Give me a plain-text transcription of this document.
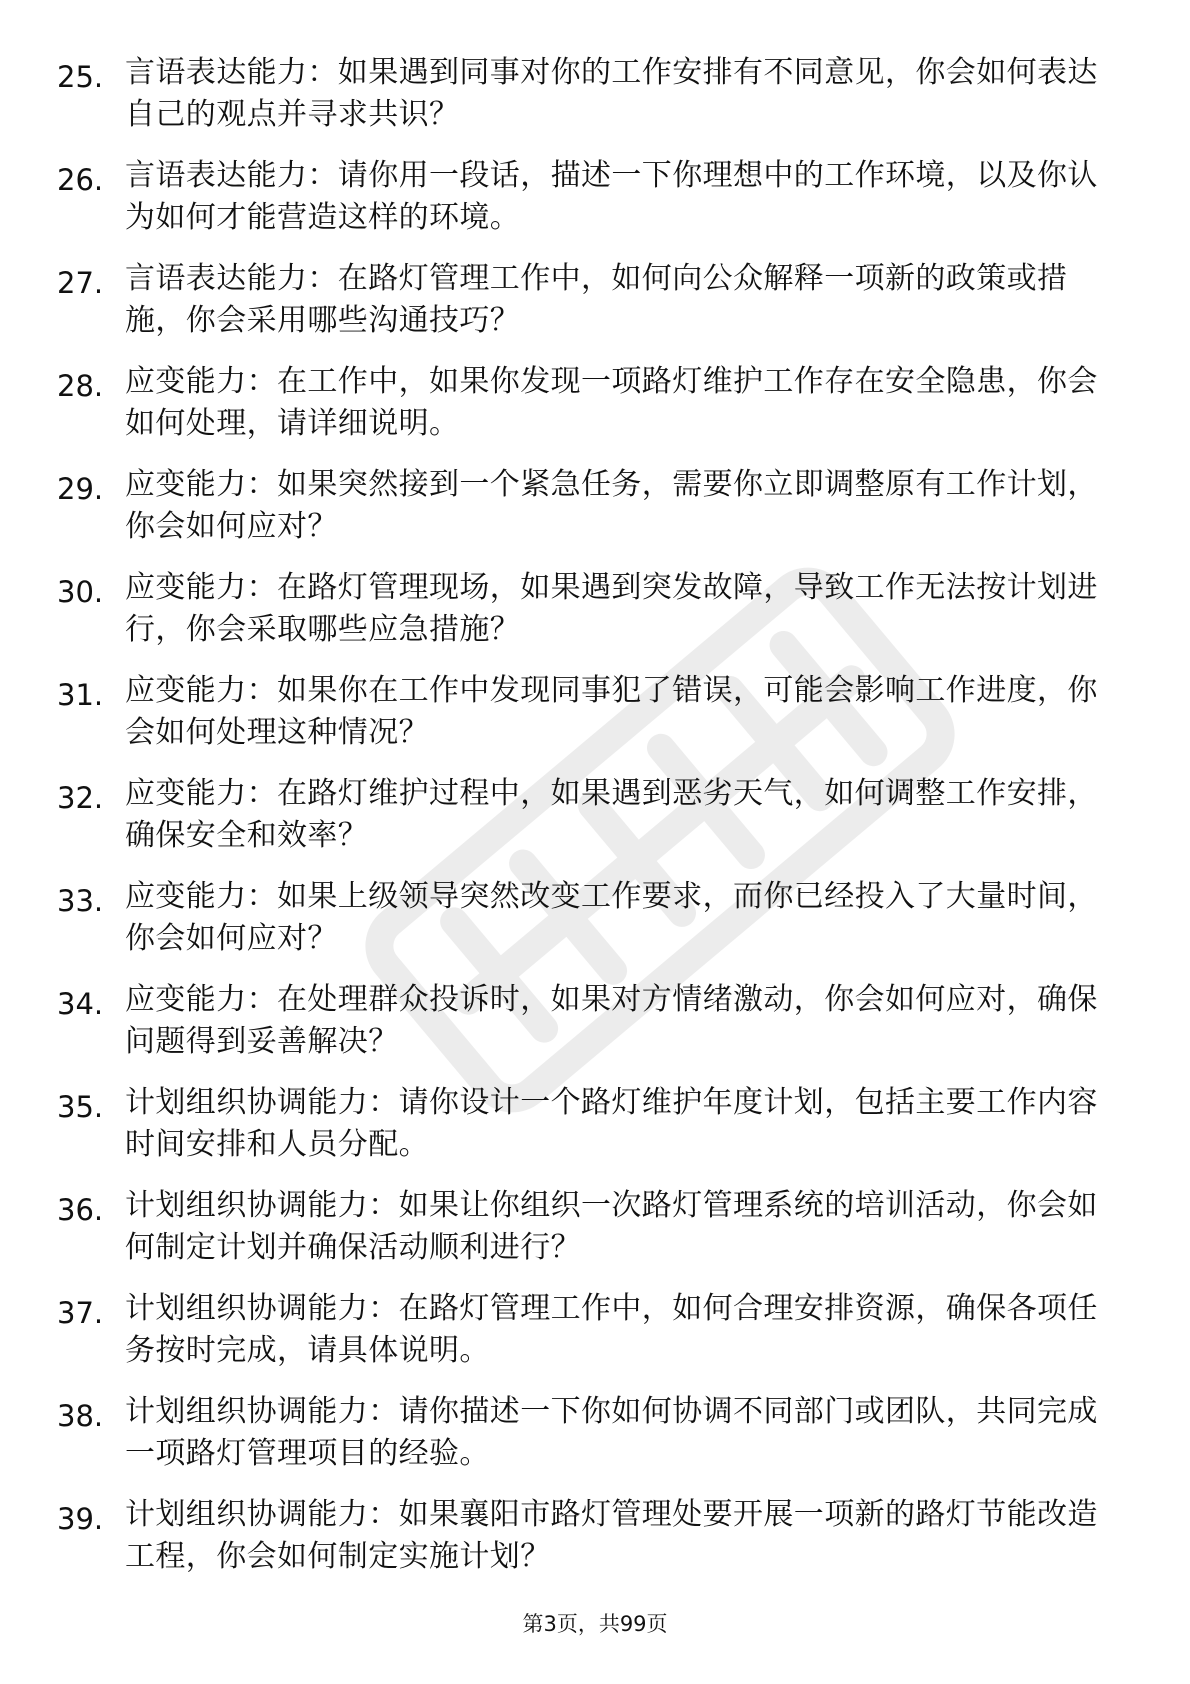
25. 言语表达能力：如果遇到同事对你的工作安排有不同意见，你会如何表达自己的观点并寻求共识？
26. 言语表达能力：请你用一段话，描述一下你理想中的工作环境，以及你认为如何才能营造这样的环境。
27. 言语表达能力：在路灯管理工作中，如何向公众解释一项新的政策或措施，你会采用哪些沟通技巧？
28. 应变能力：在工作中，如果你发现一项路灯维护工作存在安全隐患，你会如何处理，请详细说明。
29. 应变能力：如果突然接到一个紧急任务，需要你立即调整原有工作计划，你会如何应对？
30. 应变能力：在路灯管理现场，如果遇到突发故障，导致工作无法按计划进行，你会采取哪些应急措施？
31. 应变能力：如果你在工作中发现同事犯了错误，可能会影响工作进度，你会如何处理这种情况？
32. 应变能力：在路灯维护过程中，如果遇到恶劣天气，如何调整工作安排，确保安全和效率？
33. 应变能力：如果上级领导突然改变工作要求，而你已经投入了大量时间，你会如何应对？
34. 应变能力：在处理群众投诉时，如果对方情绪激动，你会如何应对，确保问题得到妥善解决？
35. 计划组织协调能力：请你设计一个路灯维护年度计划，包括主要工作内容时间安排和人员分配。
36. 计划组织协调能力：如果让你组织一次路灯管理系统的培训活动，你会如何制定计划并确保活动顺利进行？
37. 计划组织协调能力：在路灯管理工作中，如何合理安排资源，确保各项任务按时完成，请具体说明。
38. 计划组织协调能力：请你描述一下你如何协调不同部门或团队，共同完成一项路灯管理项目的经验。
39. 计划组织协调能力：如果襄阳市路灯管理处要开展一项新的路灯节能改造工程，你会如何制定实施计划？
第3页，共99页
